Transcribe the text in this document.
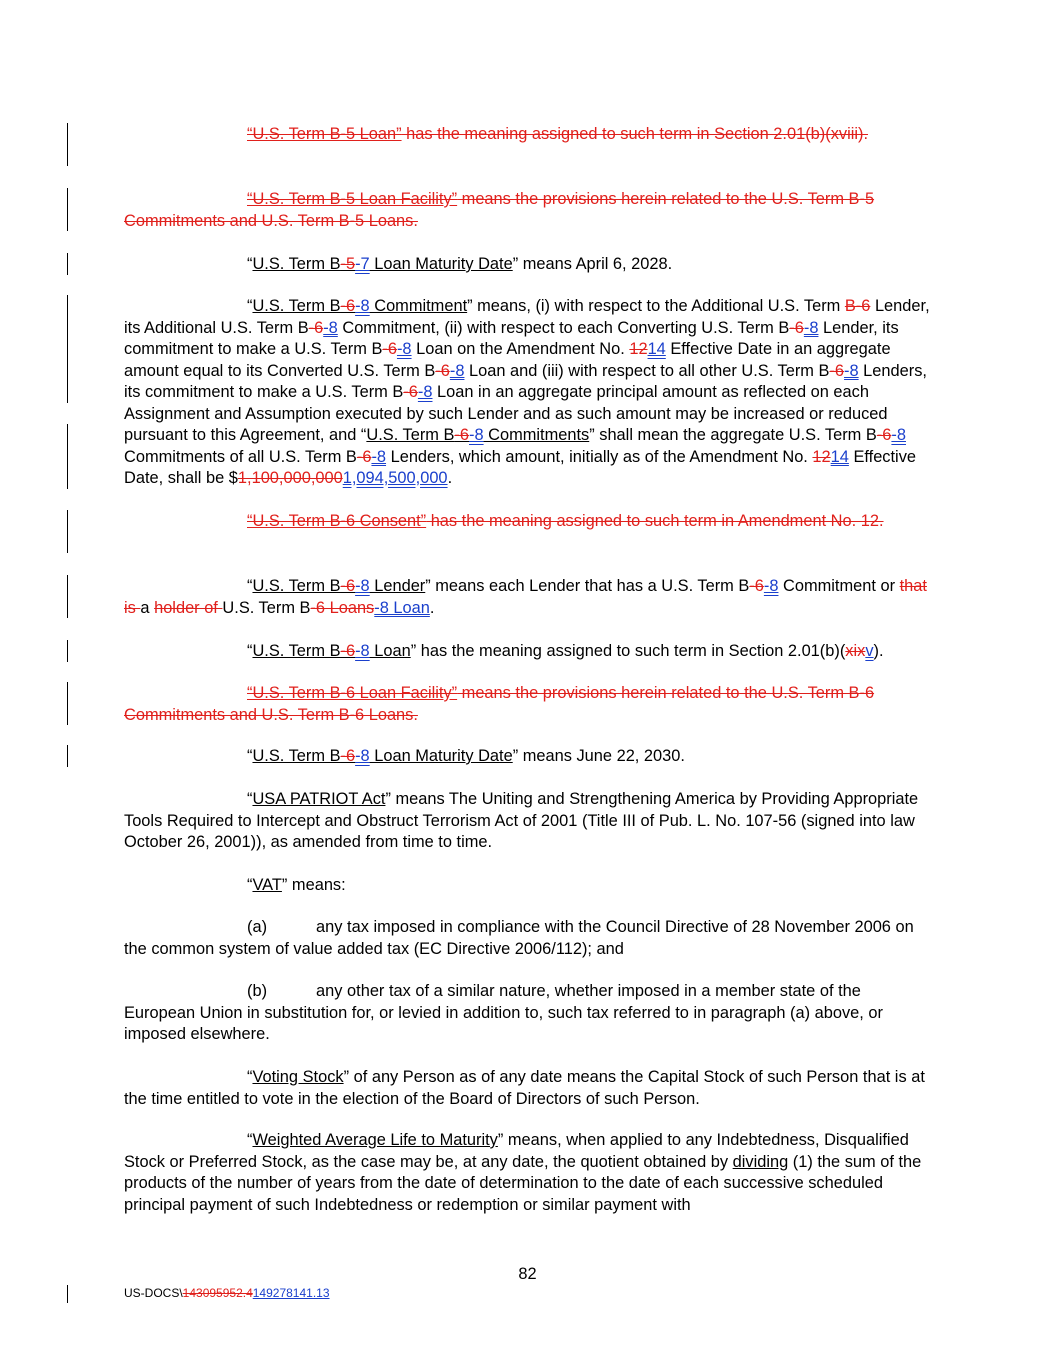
“U.S. Term B-5 Loan” has the meaning assigned to such term in Section 2.01(b)(xviii).
“U.S. Term B-5 Loan Facility” means the provisions herein related to the U.S. Term B-5 Commitments and U.S. Term B-5 Loans.
“U.S. Term B-5-7 Loan Maturity Date” means April 6, 2028.
“U.S. Term B-6-8 Commitment” means, (i) with respect to the Additional U.S. Term B-6 Lender, its Additional U.S. Term B-6-8 Commitment, (ii) with respect to each Converting U.S. Term B-6-8 Lender, its commitment to make a U.S. Term B-6-8 Loan on the Amendment No. 1214 Effective Date in an aggregate amount equal to its Converted U.S. Term B-6-8 Loan and (iii) with respect to all other U.S. Term B-6-8 Lenders, its commitment to make a U.S. Term B-6-8 Loan in an aggregate principal amount as reflected on each Assignment and Assumption executed by such Lender and as such amount may be increased or reduced pursuant to this Agreement, and “U.S. Term B-6-8 Commitments” shall mean the aggregate U.S. Term B-6-8 Commitments of all U.S. Term B-6-8 Lenders, which amount, initially as of the Amendment No. 1214 Effective Date, shall be $1,100,000,0001,094,500,000.
“U.S. Term B-6 Consent” has the meaning assigned to such term in Amendment No. 12.
“U.S. Term B-6-8 Lender” means each Lender that has a U.S. Term B-6-8 Commitment or that is a holder of U.S. Term B-6 Loans-8 Loan.
“U.S. Term B-6-8 Loan” has the meaning assigned to such term in Section 2.01(b)(xixv).
“U.S. Term B-6 Loan Facility” means the provisions herein related to the U.S. Term B-6 Commitments and U.S. Term B-6 Loans.
“U.S. Term B-6-8 Loan Maturity Date” means June 22, 2030.
“USA PATRIOT Act” means The Uniting and Strengthening America by Providing Appropriate Tools Required to Intercept and Obstruct Terrorism Act of 2001 (Title III of Pub. L. No. 107-56 (signed into law October 26, 2001)), as amended from time to time.
“VAT” means:
(a)	any tax imposed in compliance with the Council Directive of 28 November 2006 on the common system of value added tax (EC Directive 2006/112); and
(b)	any other tax of a similar nature, whether imposed in a member state of the European Union in substitution for, or levied in addition to, such tax referred to in paragraph (a) above, or imposed elsewhere.
“Voting Stock” of any Person as of any date means the Capital Stock of such Person that is at the time entitled to vote in the election of the Board of Directors of such Person.
“Weighted Average Life to Maturity” means, when applied to any Indebtedness, Disqualified Stock or Preferred Stock, as the case may be, at any date, the quotient obtained by dividing (1) the sum of the products of the number of years from the date of determination to the date of each successive scheduled principal payment of such Indebtedness or redemption or similar payment with
82
US-DOCS\143095952.4149278141.13
